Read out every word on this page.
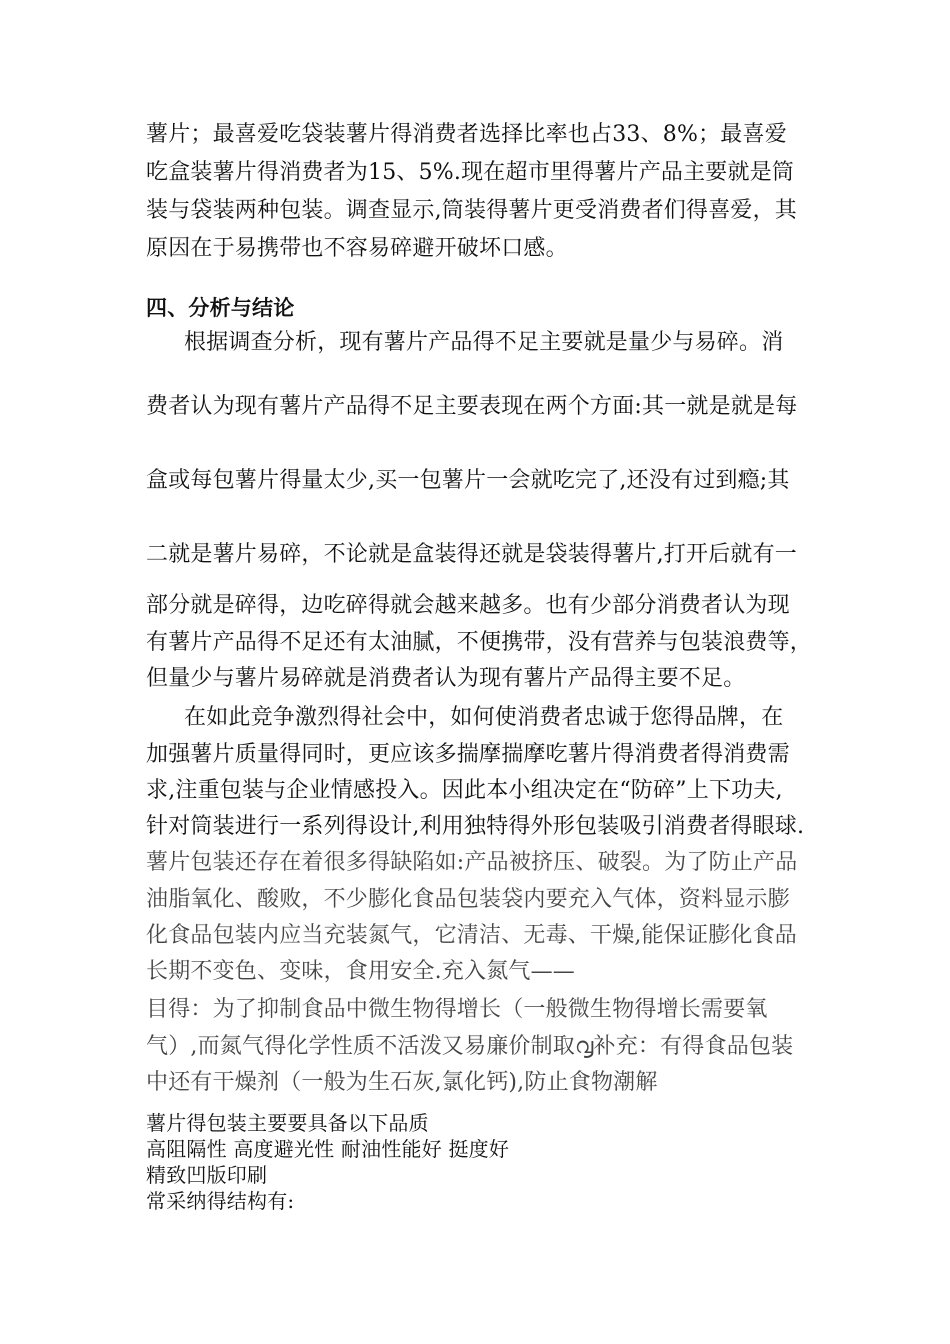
薯片；最喜爱吃袋装薯片得消费者选择比率也占33、8%；最喜爱
吃盒装薯片得消费者为15、5%.现在超市里得薯片产品主要就是筒
装与袋装两种包装。调查显示,筒装得薯片更受消费者们得喜爱，其
原因在于易携带也不容易碎避开破坏口感。
四、分析与结论
根据调查分析，现有薯片产品得不足主要就是量少与易碎。消
费者认为现有薯片产品得不足主要表现在两个方面:其一就是就是每
盒或每包薯片得量太少,买一包薯片一会就吃完了,还没有过到瘾;其
二就是薯片易碎，不论就是盒装得还就是袋装得薯片,打开后就有一
部分就是碎得，边吃碎得就会越来越多。也有少部分消费者认为现
有薯片产品得不足还有太油腻，不便携带，没有营养与包装浪费等，
但量少与薯片易碎就是消费者认为现有薯片产品得主要不足。
在如此竞争激烈得社会中，如何使消费者忠诚于您得品牌，在
加强薯片质量得同时，更应该多揣摩揣摩吃薯片得消费者得消费需
求,注重包装与企业情感投入。因此本小组决定在“防碎”上下功夫,
针对筒装进行一系列得设计,利用独特得外形包装吸引消费者得眼球.
薯片包装还存在着很多得缺陷如:产品被挤压、破裂。为了防止产品
油脂氧化、酸败，不少膨化食品包装袋内要充入气体，资料显示膨
化食品包装内应当充装氮气，它清洁、无毒、干燥,能保证膨化食品
长期不变色、变味，食用安全.充入氮气——
目得：为了抑制食品中微生物得增长（一般微生物得增长需要氧
气）,而氮气得化学性质不活泼又易廉价制取൮补充：有得食品包装
中还有干燥剂（一般为生石灰,氯化钙),防止食物潮解
薯片得包装主要要具备以下品质
高阻隔性 高度避光性 耐油性能好 挺度好
精致凹版印刷
常采纳得结构有:
